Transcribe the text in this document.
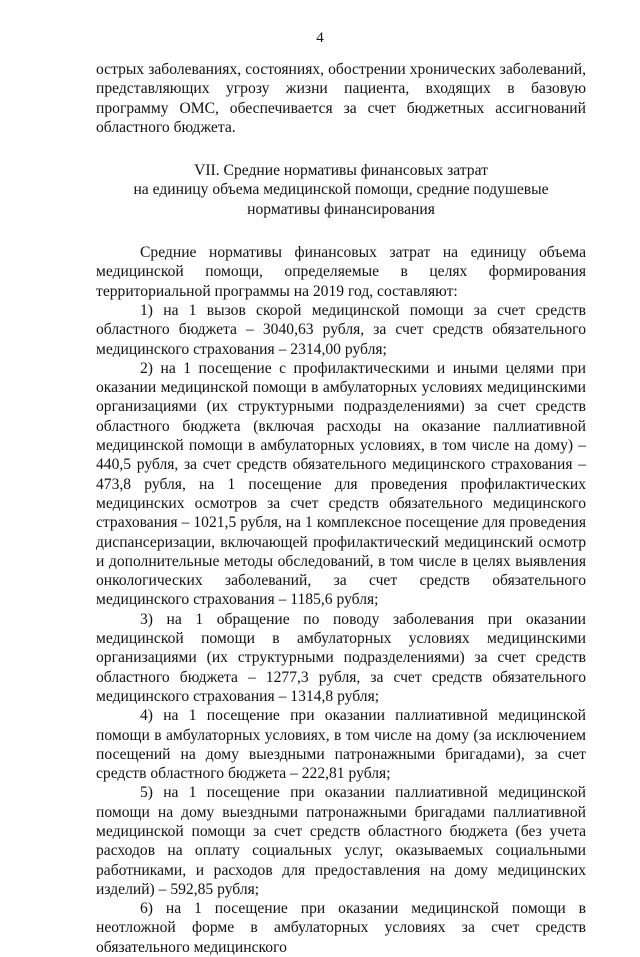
4

острых заболеваниях, состояниях, обострении хронических заболеваний, представляющих угрозу жизни пациента, входящих в базовую программу ОМС, обеспечивается за счет бюджетных ассигнований областного бюджета.

VII. Средние нормативы финансовых затрат
на единицу объема медицинской помощи, средние подушевые
нормативы финансирования

Средние нормативы финансовых затрат на единицу объема медицинской помощи, определяемые в целях формирования территориальной программы на 2019 год, составляют:

1) на 1 вызов скорой медицинской помощи за счет средств областного бюджета – 3040,63 рубля, за счет средств обязательного медицинского страхования – 2314,00 рубля;

2) на 1 посещение с профилактическими и иными целями при оказании медицинской помощи в амбулаторных условиях медицинскими организациями (их структурными подразделениями) за счет средств областного бюджета (включая расходы на оказание паллиативной медицинской помощи в амбулаторных условиях, в том числе на дому) – 440,5 рубля, за счет средств обязательного медицинского страхования – 473,8 рубля, на 1 посещение для проведения профилактических медицинских осмотров за счет средств обязательного медицинского страхования – 1021,5 рубля, на 1 комплексное посещение для проведения диспансеризации, включающей профилактический медицинский осмотр и дополнительные методы обследований, в том числе в целях выявления онкологических заболеваний, за счет средств обязательного медицинского страхования – 1185,6 рубля;

3) на 1 обращение по поводу заболевания при оказании медицинской помощи в амбулаторных условиях медицинскими организациями (их структурными подразделениями) за счет средств областного бюджета – 1277,3 рубля, за счет средств обязательного медицинского страхования – 1314,8 рубля;

4) на 1 посещение при оказании паллиативной медицинской помощи в амбулаторных условиях, в том числе на дому (за исключением посещений на дому выездными патронажными бригадами), за счет средств областного бюджета – 222,81 рубля;

5) на 1 посещение при оказании паллиативной медицинской помощи на дому выездными патронажными бригадами паллиативной медицинской помощи за счет средств областного бюджета (без учета расходов на оплату социальных услуг, оказываемых социальными работниками, и расходов для предоставления на дому медицинских изделий) – 592,85 рубля;

6) на 1 посещение при оказании медицинской помощи в неотложной форме в амбулаторных условиях за счет средств обязательного медицинского
